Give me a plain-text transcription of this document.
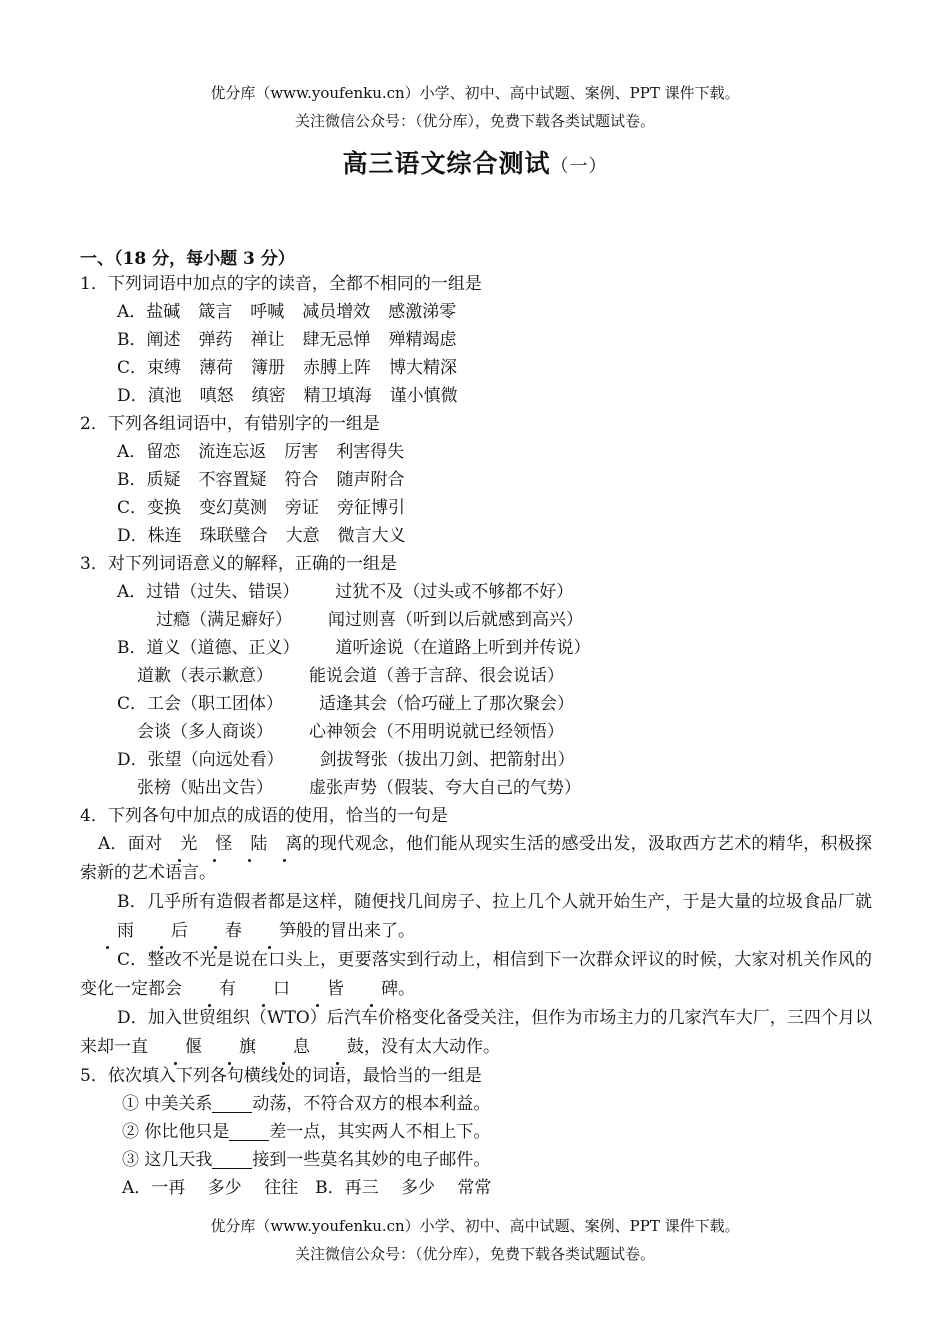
优分库（www.youfenku.cn）小学、初中、高中试题、案例、PPT 课件下载。
关注微信公众号：（优分库），免费下载各类试题试卷。
高三语文综合测试（一）
一、（18 分，每小题 3 分）
1．下列词语中加点的字的读音，全都不相同的一组是
A．盐碱 箴言 呼喊 减员增效 感激涕零
B．阐述 弹药 禅让 肆无忌惮 殚精竭虑
C．束缚 薄荷 簿册 赤膊上阵 博大精深
D．滇池 嗔怒 缜密 精卫填海 谨小慎微
2．下列各组词语中，有错别字的一组是
A．留恋 流连忘返 厉害 利害得失
B．质疑 不容置疑 符合 随声附合
C．变换 变幻莫测 旁证 旁征博引
D．株连 珠联璧合 大意 微言大义
3．对下列词语意义的解释，正确的一组是
A．过错（过失、错误） 过犹不及（过头或不够都不好）
过瘾（满足癖好） 闻过则喜（听到以后就感到高兴）
B．道义（道德、正义） 道听途说（在道路上听到并传说）
道歉（表示歉意） 能说会道（善于言辞、很会说话）
C．工会（职工团体） 适逢其会（恰巧碰上了那次聚会）
会谈（多人商谈） 心神领会（不用明说就已经领悟）
D．张望（向远处看） 剑拔弩张（拔出刀剑、把箭射出）
张榜（贴出文告） 虚张声势（假装、夸大自己的气势）
4．下列各句中加点的成语的使用，恰当的一句是

A．面对 光 怪 陆 离的现代观念，他们能从现实生活的感受出发，汲取西方艺术的精华，积极探索新的艺术语言。

B．几乎所有造假者都是这样，随便找几间房子、拉上几个人就开始生产，于是大量的垃圾食品厂就雨 后 春 笋般的冒出来了。

C．整改不光是说在口头上，更要落实到行动上，相信到下一次群众评议的时候，大家对机关作风的变化一定都会 有 口 皆 碑。

D．加入世贸组织（WTO）后汽车价格变化备受关注，但作为市场主力的几家汽车大厂，三四个月以来却一直 偃 旗 息 鼓，没有太大动作。

5．依次填入下列各句横线处的词语，最恰当的一组是
① 中美关系 动荡，不符合双方的根本利益。
② 你比他只是 差一点，其实两人不相上下。
③ 这几天我 接到一些莫名其妙的电子邮件。
A．一再　 多少　 往往　B．再三　 多少　 常常
优分库（www.youfenku.cn）小学、初中、高中试题、案例、PPT 课件下载。
关注微信公众号：（优分库），免费下载各类试题试卷。
